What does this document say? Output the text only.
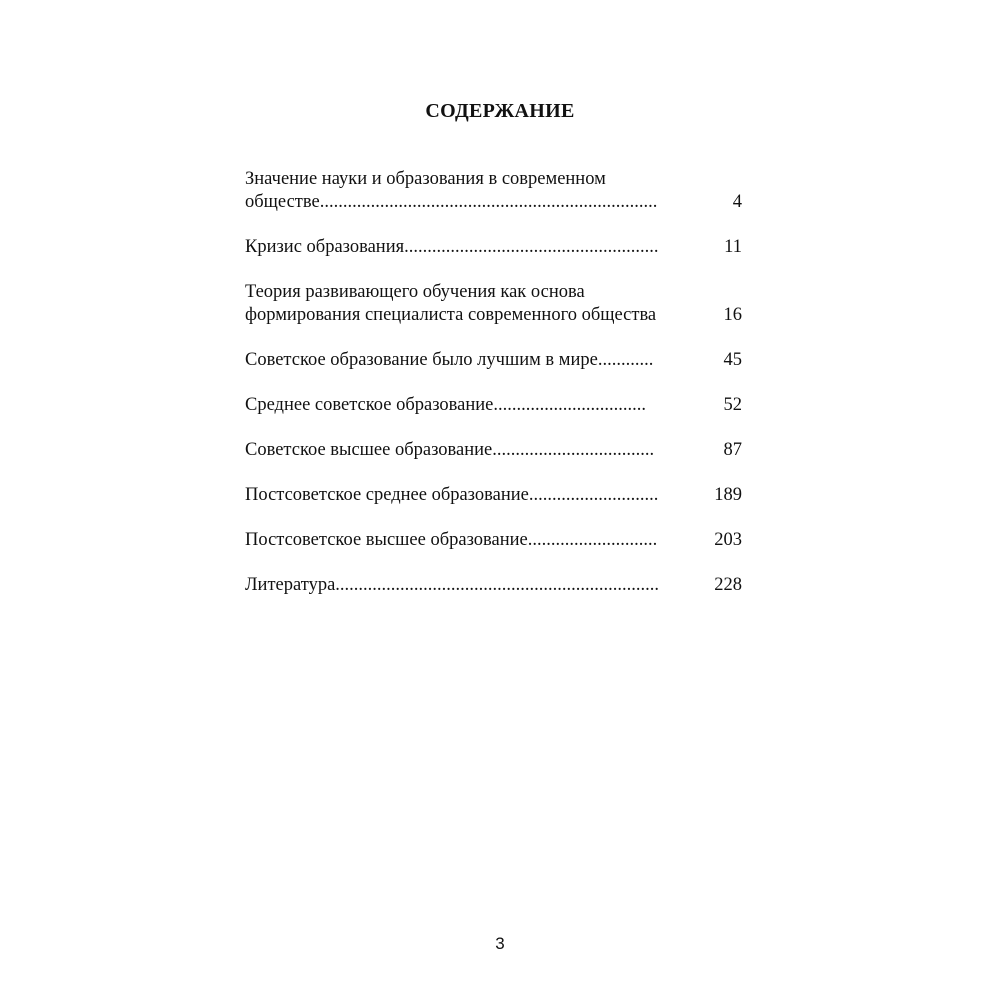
СОДЕРЖАНИЕ
Значение науки и образования в современном
обществе.........................................................................	4
Кризис образования.......................................................	11
Теория развивающего обучения как основа
формирования специалиста современного общества	16
Советское образование было лучшим в мире............	45
Среднее советское образование.................................	52
Советское высшее образование...................................	87
Постсоветское среднее образование............................	189
Постсоветское высшее образование............................	203
Литература......................................................................	228
3
